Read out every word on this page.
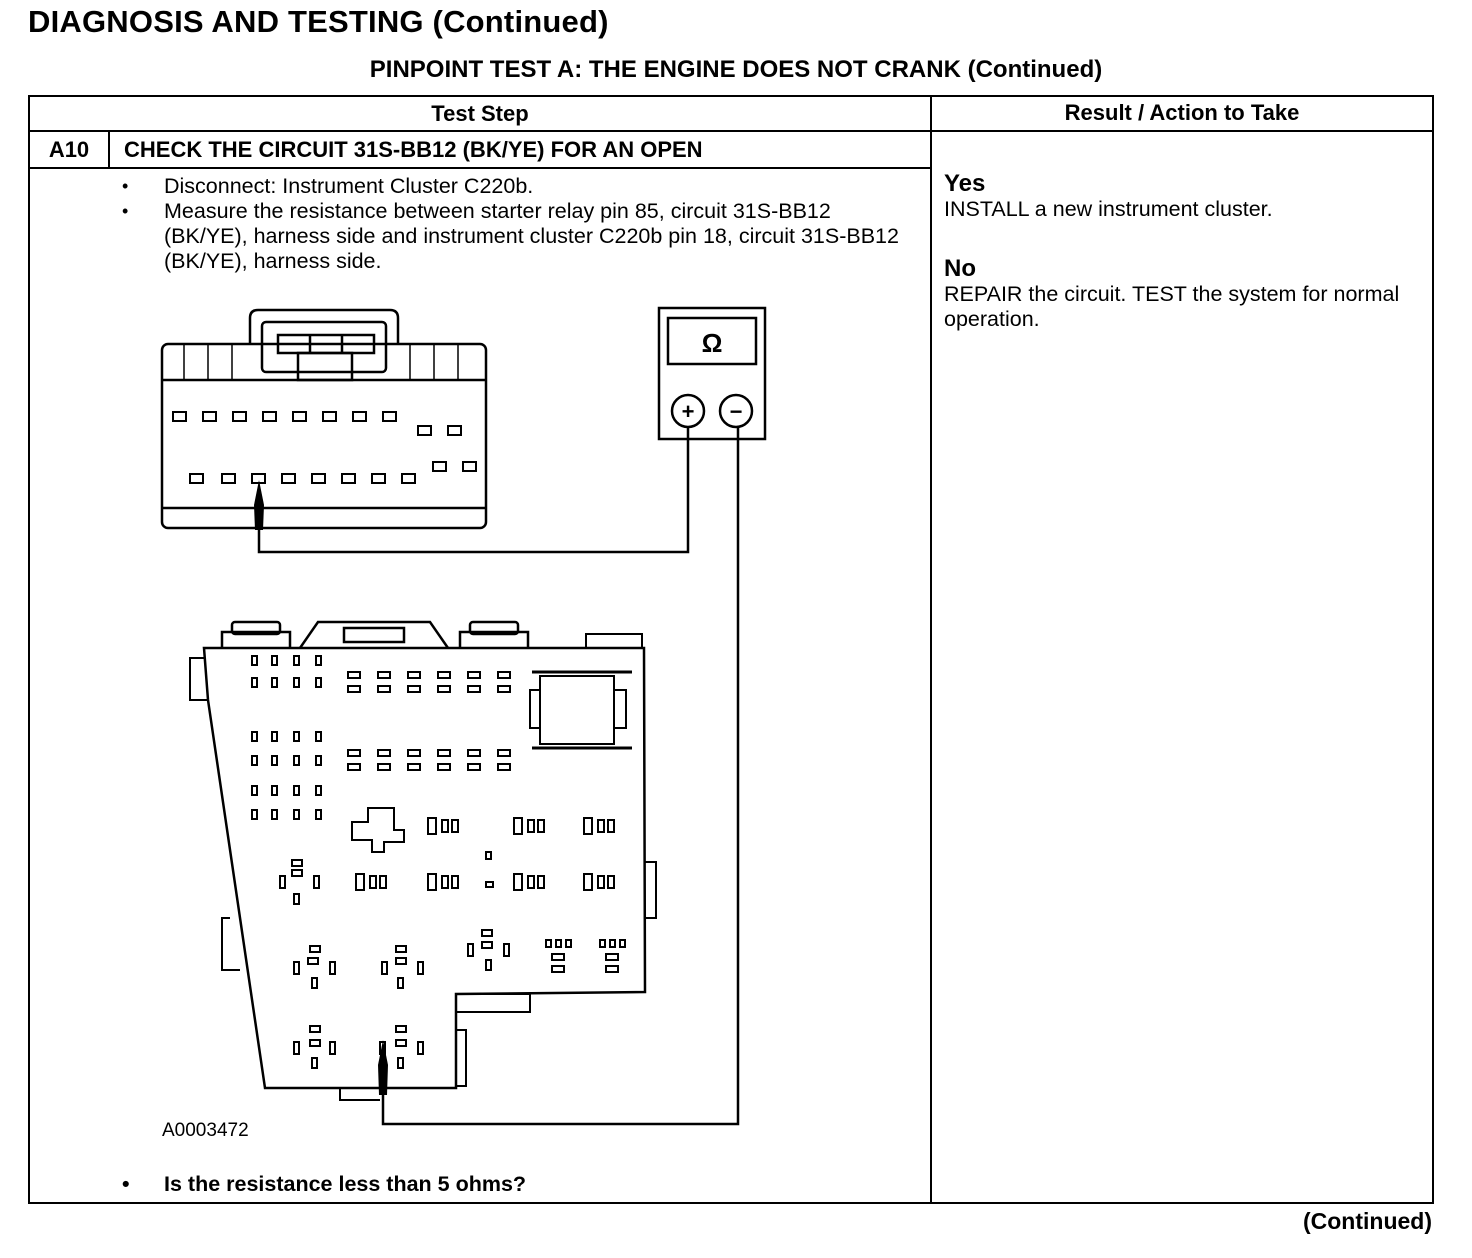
DIAGNOSIS AND TESTING (Continued)
PINPOINT TEST A: THE ENGINE DOES NOT CRANK (Continued)
Test Step	Result / Action to Take
A10	CHECK THE CIRCUIT 31S-BB12 (BK/YE) FOR AN OPEN
•	Disconnect: Instrument Cluster C220b.
•	Measure the resistance between starter relay pin 85, circuit 31S-BB12 (BK/YE), harness side and instrument cluster C220b pin 18, circuit 31S-BB12 (BK/YE), harness side.
Yes
INSTALL a new instrument cluster.
No
REPAIR the circuit. TEST the system for normal operation.
Ω
+ −
A0003472
•	Is the resistance less than 5 ohms?
(Continued)
